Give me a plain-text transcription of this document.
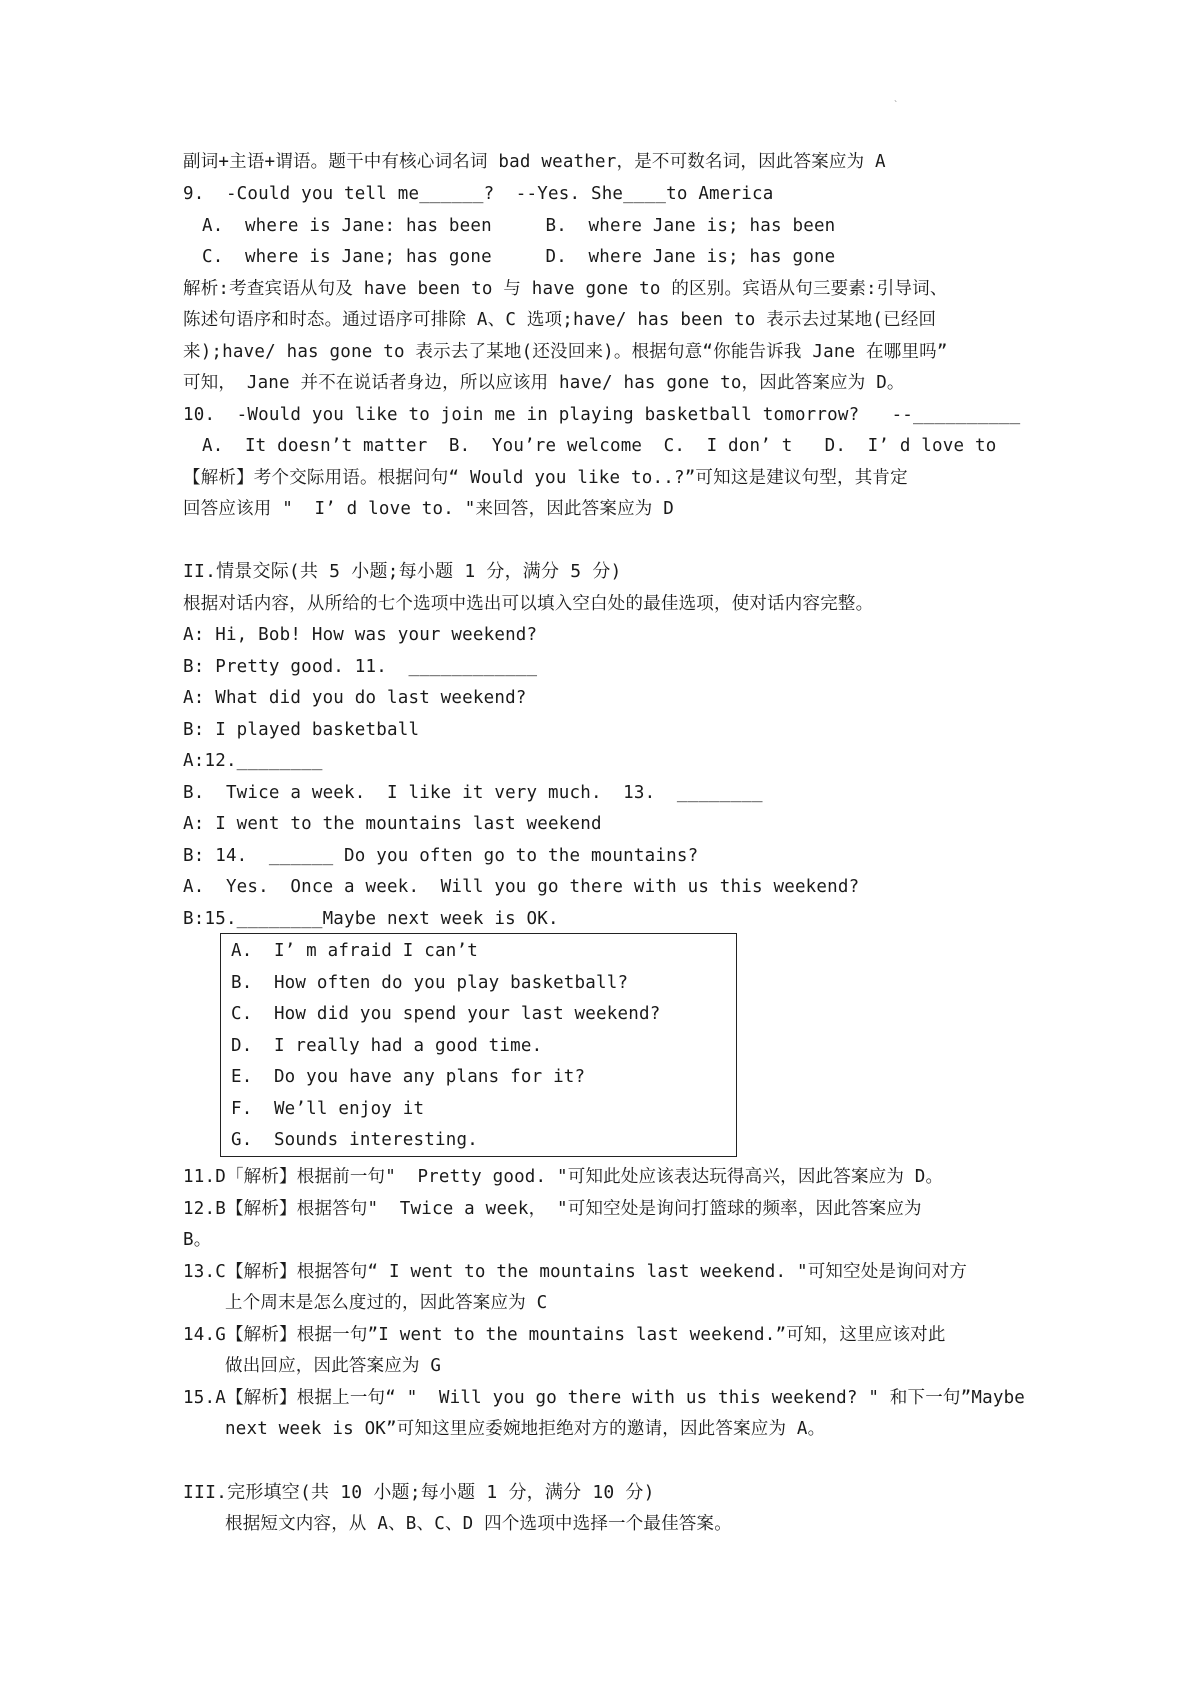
`
副词+主语+谓语。题干中有核心词名词 bad weather，是不可数名词，因此答案应为 A
9.  -Could you tell me______?  --Yes. She____to America
A.  where is Jane: has been     B.  where Jane is; has been
C.  where is Jane; has gone     D.  where Jane is; has gone
解析:考查宾语从句及 have been to 与 have gone to 的区别。宾语从句三要素:引导词、
陈述句语序和时态。通过语序可排除 A、C 选项;have/ has been to 表示去过某地(已经回
来);have/ has gone to 表示去了某地(还没回来)。根据句意“你能告诉我 Jane 在哪里吗”
可知， Jane 并不在说话者身边，所以应该用 have/ has gone to，因此答案应为 D。
10.  -Would you like to join me in playing basketball tomorrow?   --__________
A.  It doesn’t matter  B.  You’re welcome  C.  I don’ t   D.  I’ d love to
【解析】考个交际用语。根据问句“ Would you like to..?”可知这是建议句型，其肯定
回答应该用 "  I’ d love to. "来回答，因此答案应为 D
II.情景交际(共 5 小题;每小题 1 分，满分 5 分)
根据对话内容，从所给的七个选项中选出可以填入空白处的最佳选项，使对话内容完整。
A: Hi, Bob! How was your weekend?
B: Pretty good. 11.  ____________
A: What did you do last weekend?
B: I played basketball
A:12.________
B.  Twice a week.  I like it very much.  13.  ________
A: I went to the mountains last weekend
B: 14.  ______ Do you often go to the mountains?
A.  Yes.  Once a week.  Will you go there with us this weekend?
B:15.________Maybe next week is OK.
A.  I’ m afraid I can’t
B.  How often do you play basketball?
C.  How did you spend your last weekend?
D.  I really had a good time.
E.  Do you have any plans for it?
F.  We’ll enjoy it
G.  Sounds interesting.
11.D「解析】根据前一句"  Pretty good. "可知此处应该表达玩得高兴，因此答案应为 D。
12.B【解析】根据答句"  Twice a week， "可知空处是询问打篮球的频率，因此答案应为
B。
13.C【解析】根据答句“ I went to the mountains last weekend. "可知空处是询问对方
上个周末是怎么度过的，因此答案应为 C
14.G【解析】根据一句”I went to the mountains last weekend.”可知，这里应该对此
做出回应，因此答案应为 G
15.A【解析】根据上一句“ "  Will you go there with us this weekend? " 和下一句”Maybe
next week is OK”可知这里应委婉地拒绝对方的邀请，因此答案应为 A。
III.完形填空(共 10 小题;每小题 1 分，满分 10 分)
根据短文内容，从 A、B、C、D 四个选项中选择一个最佳答案。
